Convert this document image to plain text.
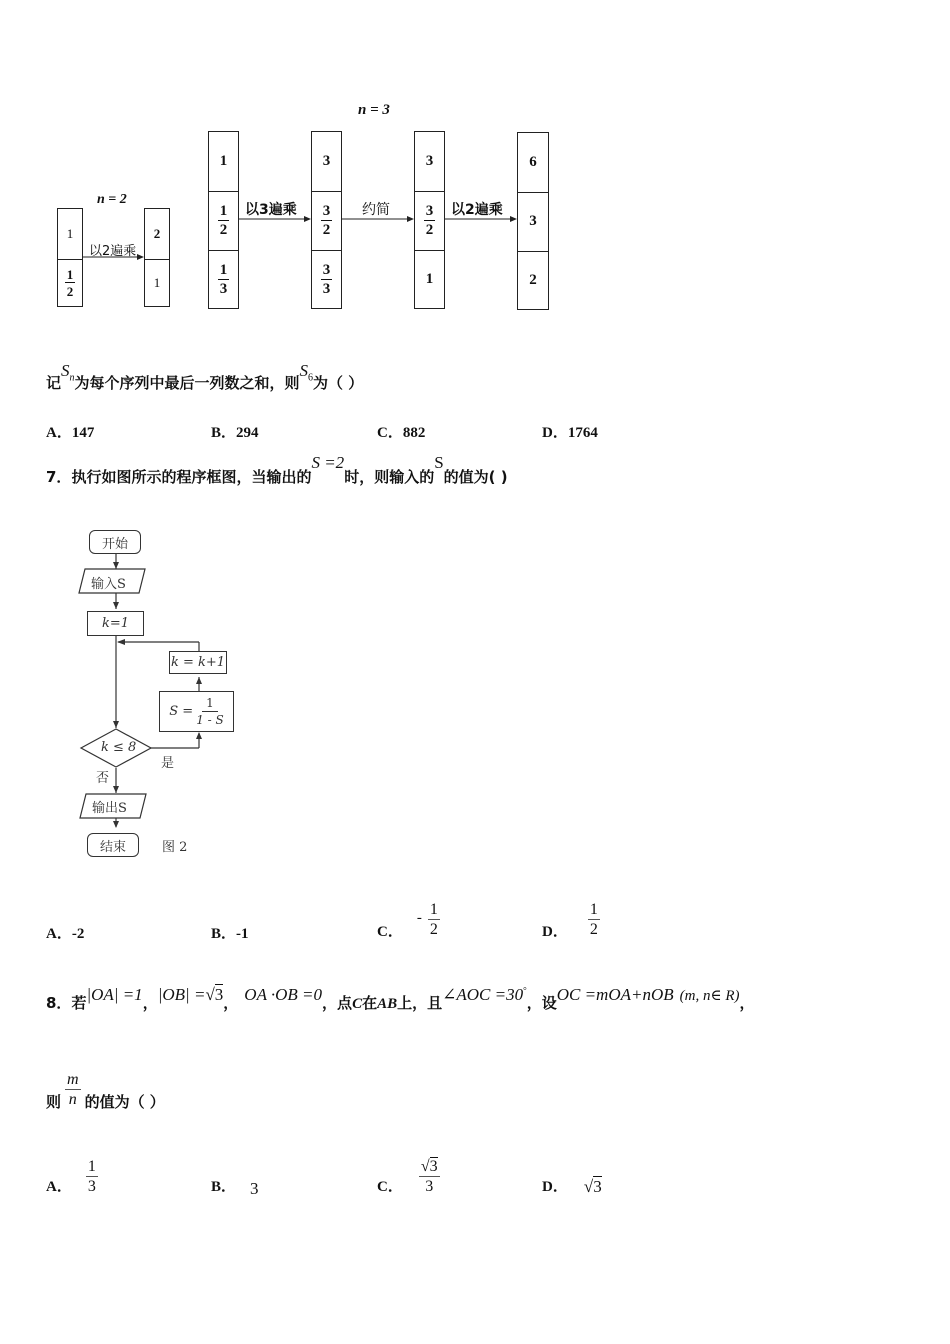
n = 2
n = 3
1
$\frac{1}{2}$
以2遍乘
2
1
1
$\frac{1}{2}$
$\frac{1}{3}$
以3遍乘
3
$\frac{3}{2}$
$\frac{3}{3}$
约简
3
$\frac{3}{2}$
1
以2遍乘
6
3
2
记$S_n$为每个序列中最后一列数之和，则$S_6$为（ ）
A．147	B．294	C．882	D．1764
7．执行如图所示的程序框图，当输出的S =2时，则输入的S的值为( )
开始
输入S
k=1
k = k+1
$S = \frac{1}{1 - S}$
k ≤ 8
是
否
输出S
结束	图 2
A．-2	B．-1	C．
- $\frac{1}{2}$	D． $\frac{1}{2}$
8．若|OA| =1，|OB| =√3， OA ·OB =0，点C在AB上，且∠AOC =30°，设OC =mOA+nOB (m, n∈ R)，
则 $\frac{m}{n}$ 的值为（ ）
A． $\frac{1}{3}$	B． 3	C． $\frac{√3}{3}$	D． √3
